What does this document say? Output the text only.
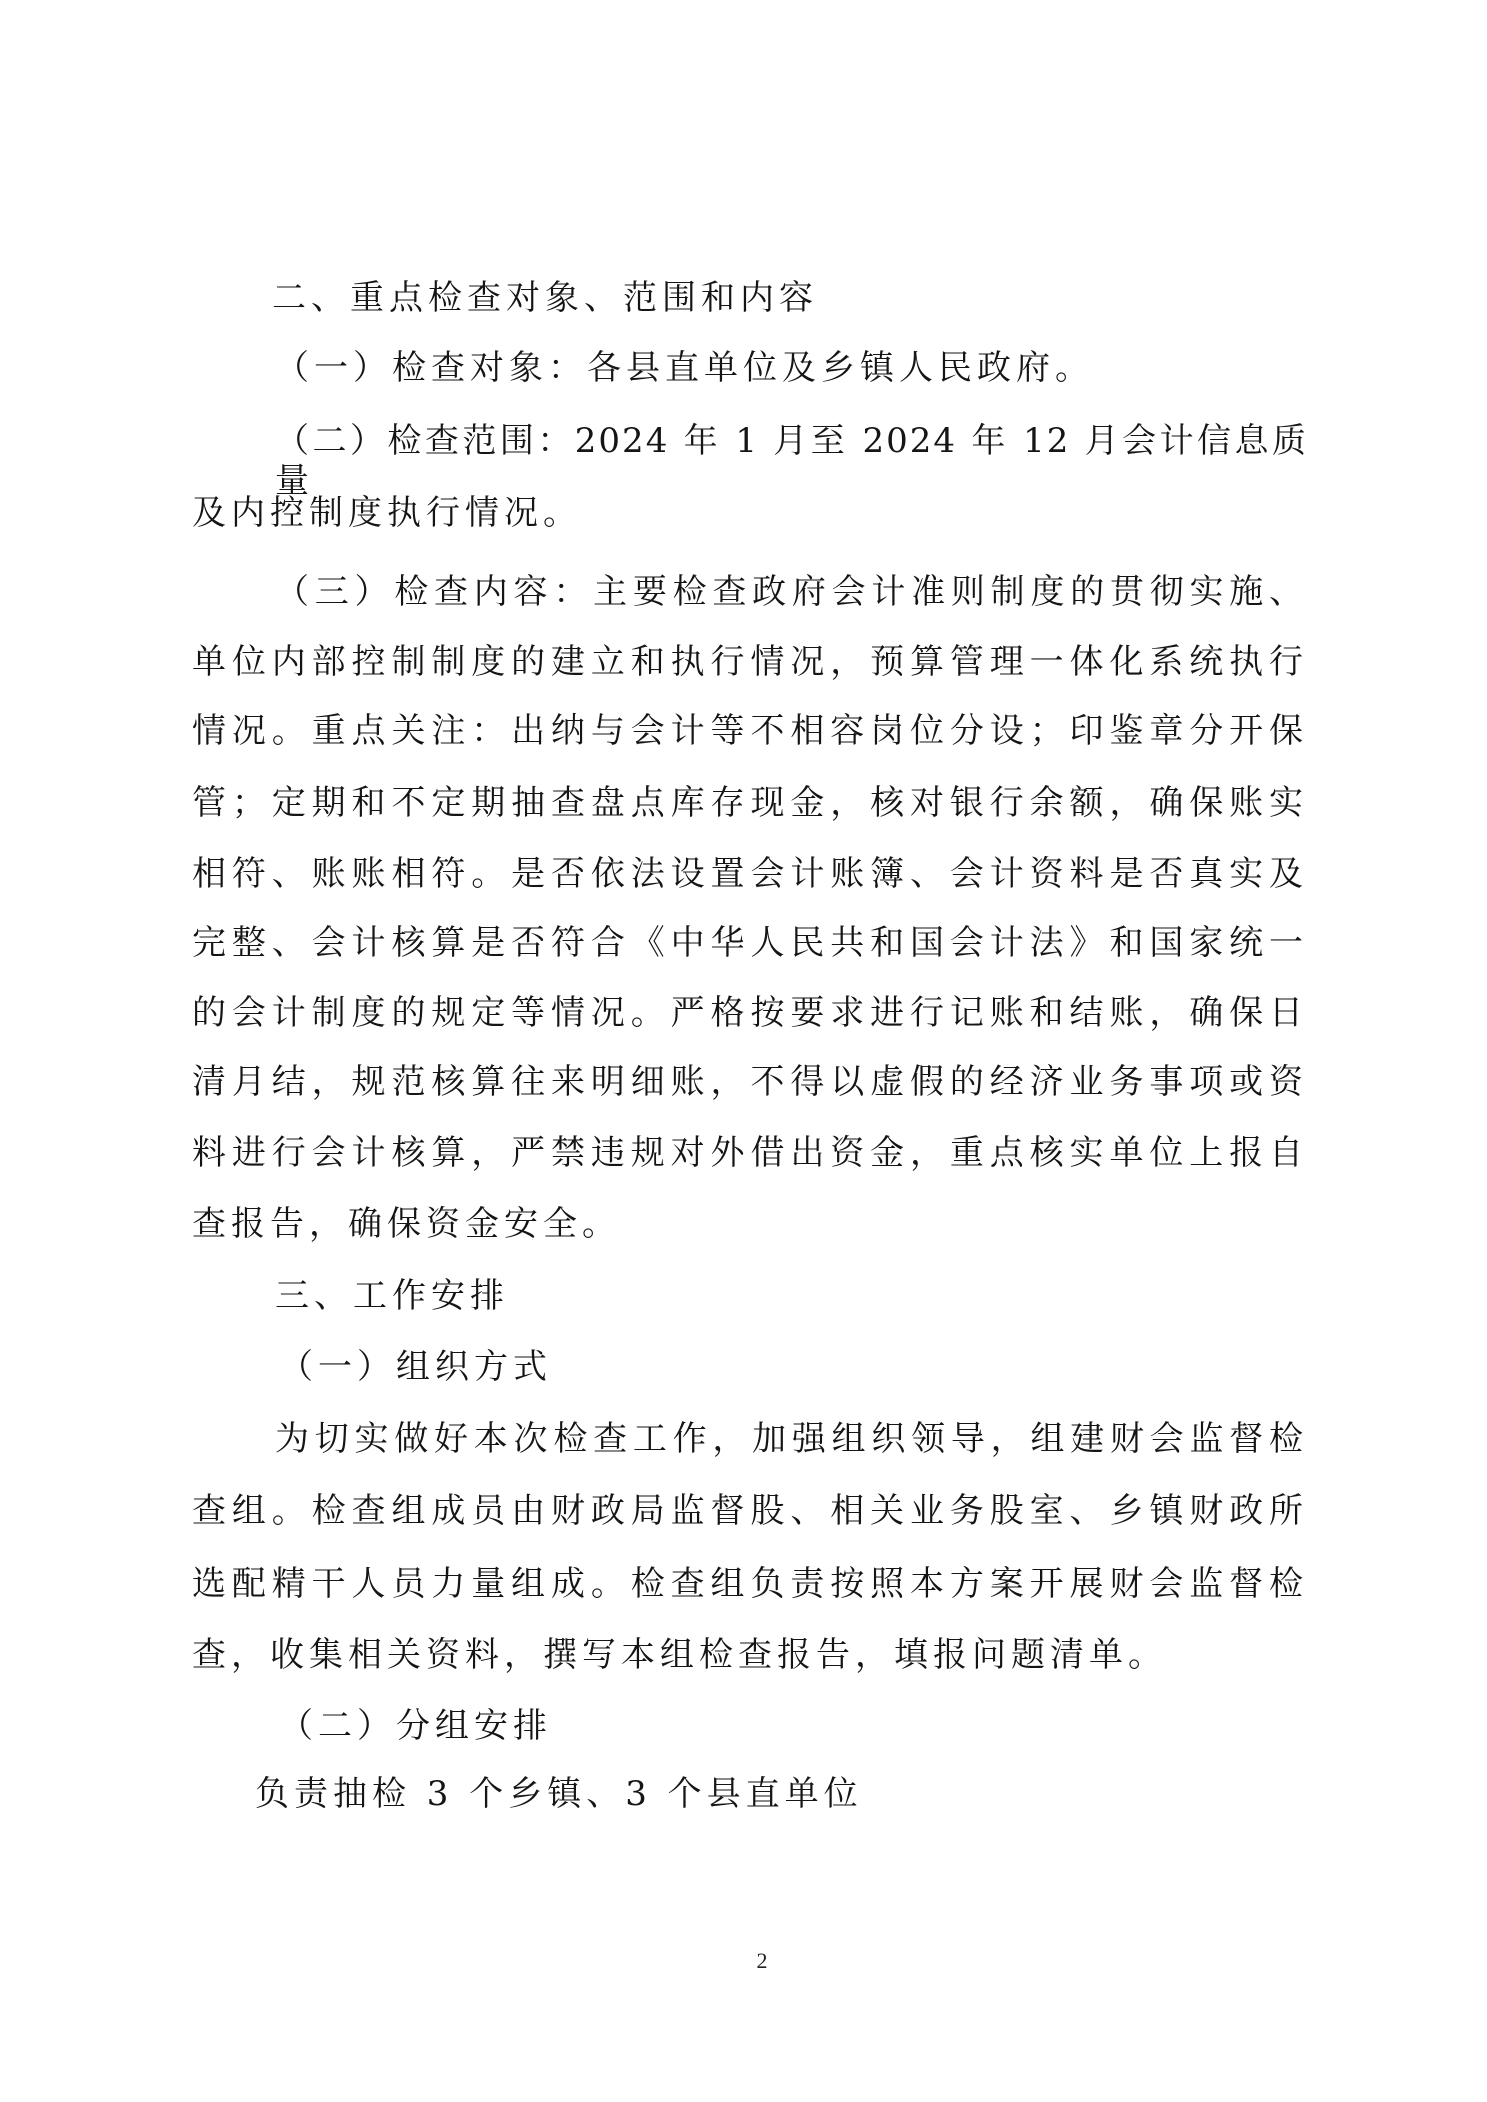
二、重点检查对象、范围和内容
（一）检查对象：各县直单位及乡镇人民政府。
（二）检查范围：2024 年 1 月至 2024 年 12 月会计信息质量
及内控制度执行情况。
（三）检查内容：主要检查政府会计准则制度的贯彻实施、
单位内部控制制度的建立和执行情况，预算管理一体化系统执行
情况。重点关注：出纳与会计等不相容岗位分设；印鉴章分开保
管；定期和不定期抽查盘点库存现金，核对银行余额，确保账实
相符、账账相符。是否依法设置会计账簿、会计资料是否真实及
完整、会计核算是否符合《中华人民共和国会计法》和国家统一
的会计制度的规定等情况。严格按要求进行记账和结账，确保日
清月结，规范核算往来明细账，不得以虚假的经济业务事项或资
料进行会计核算，严禁违规对外借出资金，重点核实单位上报自
查报告，确保资金安全。
三、工作安排
（一）组织方式
为切实做好本次检查工作，加强组织领导，组建财会监督检
查组。检查组成员由财政局监督股、相关业务股室、乡镇财政所
选配精干人员力量组成。检查组负责按照本方案开展财会监督检
查，收集相关资料，撰写本组检查报告，填报问题清单。
（二）分组安排
负责抽检 3 个乡镇、3 个县直单位
2
